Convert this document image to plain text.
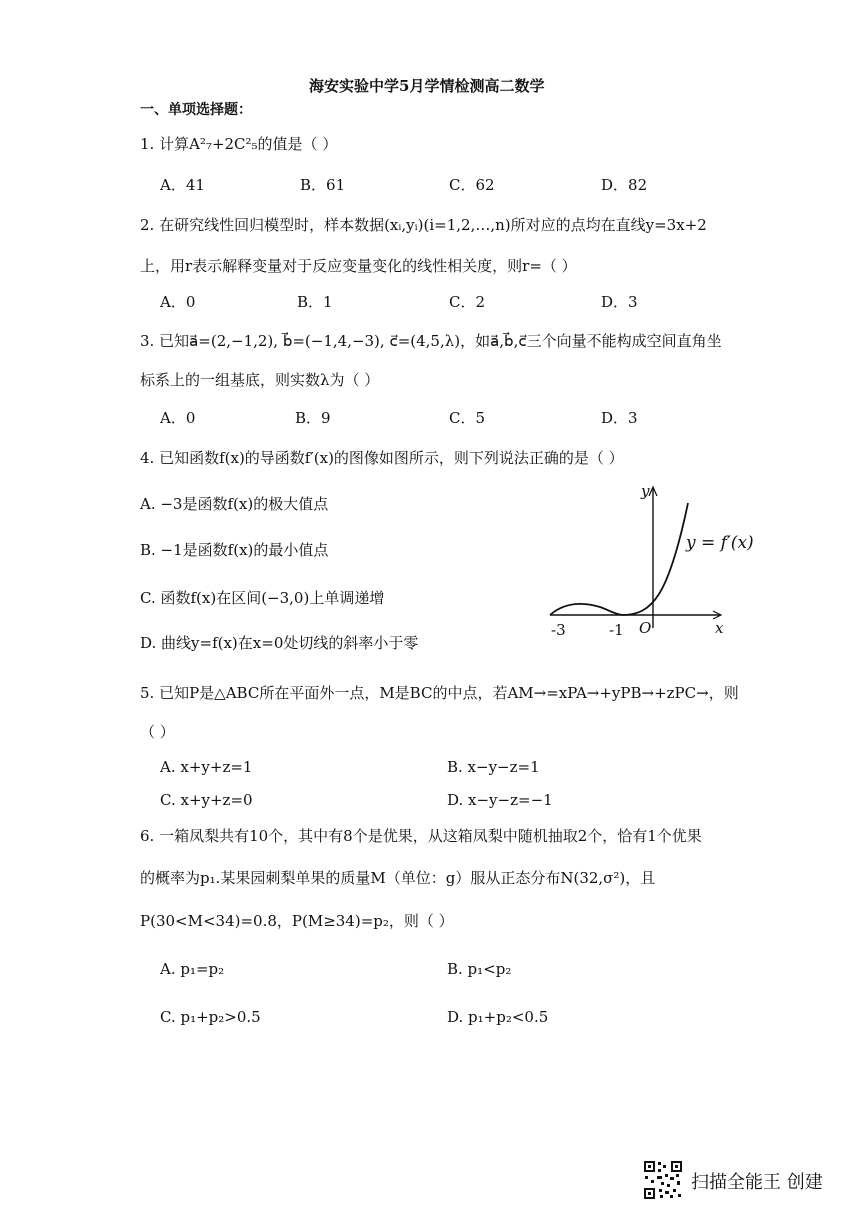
海安实验中学5月学情检测高二数学
一、单项选择题：
1. 计算A²₇+2C²₅的值是（ ）
A．41	B．61	C．62	D．82
2. 在研究线性回归模型时，样本数据(xᵢ,yᵢ)(i=1,2,…,n)所对应的点均在直线y=3x+2
上，用r表示解释变量对于反应变量变化的线性相关度，则r=（ ）
A．0	B．1	C．2	D．3
3. 已知a⃗=(2,−1,2), b⃗=(−1,4,−3), c⃗=(4,5,λ)，如a⃗,b⃗,c⃗三个向量不能构成空间直角坐
标系上的一组基底，则实数λ为（ ）
A．0	B．9	C．5	D．3
4. 已知函数f(x)的导函数f′(x)的图像如图所示，则下列说法正确的是（ ）
A. −3是函数f(x)的极大值点
B. −1是函数f(x)的最小值点
C. 函数f(x)在区间(−3,0)上单调递增
D. 曲线y=f(x)在x=0处切线的斜率小于零
y
x
y = f′(x)
-3	-1 O
5. 已知P是△ABC所在平面外一点，M是BC的中点，若AM→=xPA→+yPB→+zPC→，则
（ ）
A. x+y+z=1	B. x−y−z=1
C. x+y+z=0	D. x−y−z=−1
6. 一箱凤梨共有10个，其中有8个是优果，从这箱凤梨中随机抽取2个，恰有1个优果
的概率为p₁.某果园刺梨单果的质量M（单位：g）服从正态分布N(32,σ²)，且
P(30<M<34)=0.8，P(M≥34)=p₂，则（ ）
A. p₁=p₂	B. p₁<p₂
C. p₁+p₂>0.5	D. p₁+p₂<0.5
扫描全能王 创建
